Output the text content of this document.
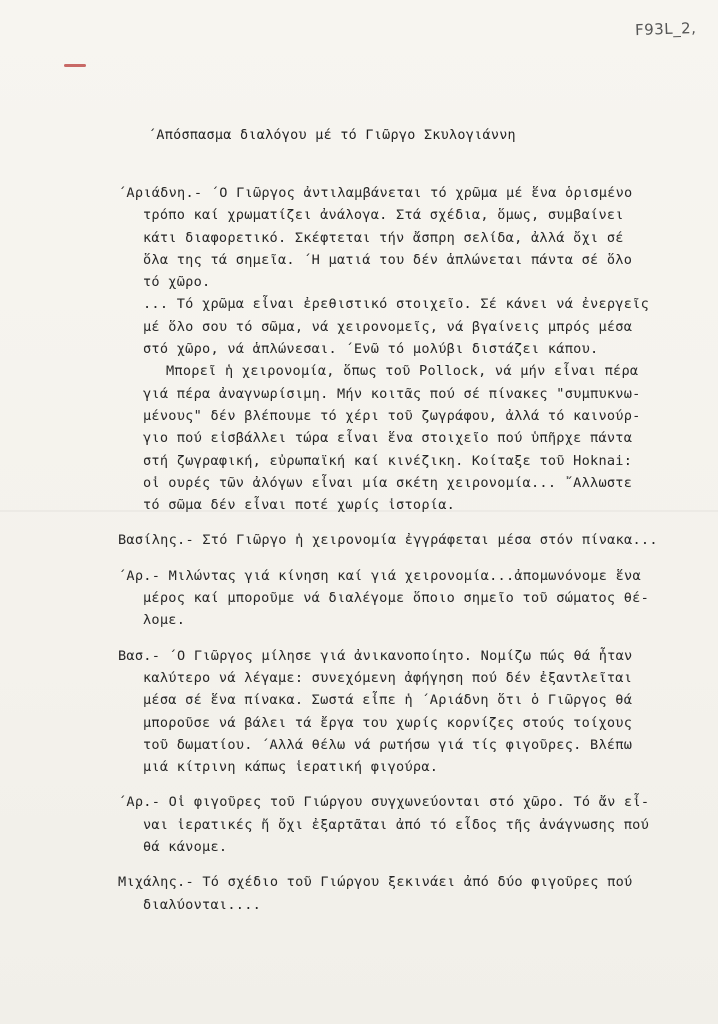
F93L_2,
΄Απόσπασμα διαλόγου μέ τό Γιῶργο Σκυλογιάννη
΄Αριάδνη.- ΄Ο Γιῶργος ἀντιλαμβάνεται τό χρῶμα μέ ἕνα ὁρισμένο
τρόπο καί χρωματίζει ἀνάλογα. Στά σχέδια, ὅμως, συμβαίνει
κάτι διαφορετικό. Σκέφτεται τήν ἄσπρη σελίδα, ἀλλά ὄχι σέ
ὅλα της τά σημεῖα. ΄Η ματιά του δέν ἁπλώνεται πάντα σέ ὅλο
τό χῶρο.
... Τό χρῶμα εἶναι ἐρεθιστικό στοιχεῖο. Σέ κάνει νά ἐνεργεῖς
μέ ὅλο σου τό σῶμα, νά χειρονομεῖς, νά βγαίνεις μπρός μέσα
στό χῶρο, νά ἁπλώνεσαι. ΄Ενῶ τό μολύβι διστάζει κάπου.
Μπορεῖ ἡ χειρονομία, ὅπως τοῦ Pollock, νά μήν εἶναι πέρα
γιά πέρα ἀναγνωρίσιμη. Μήν κοιτᾶς πού σέ πίνακες "συμπυκνω-
μένους" δέν βλέπουμε τό χέρι τοῦ ζωγράφου, ἀλλά τό καινούρ-
γιο πού εἰσβάλλει τώρα εἶναι ἕνα στοιχεῖο πού ὑπῆρχε πάντα
στή ζωγραφική, εὐρωπαϊκή καί κινέζικη. Κοίταξε τοῦ Hoknai:
οἱ ουρές τῶν ἀλόγων εἶναι μία σκέτη χειρονομία... ῎Αλλωστε
τό σῶμα δέν εἶναι ποτέ χωρίς ἱστορία.
Βασίλης.- Στό Γιῶργο ἡ χειρονομία ἐγγράφεται μέσα στόν πίνακα...
΄Αρ.- Μιλώντας γιά κίνηση καί γιά χειρονομία...ἀπομωνόνομε ἕνα
μέρος καί μποροῦμε νά διαλέγομε ὅποιο σημεῖο τοῦ σώματος θέ-
λομε.
Βασ.- ΄Ο Γιῶργος μίλησε γιά ἀνικανοποίητο. Νομίζω πώς θά ἦταν
καλύτερο νά λέγαμε: συνεχόμενη ἀφήγηση πού δέν ἐξαντλεῖται
μέσα σέ ἕνα πίνακα. Σωστά εἶπε ἡ ΄Αριάδνη ὅτι ὁ Γιῶργος θά
μποροῦσε νά βάλει τά ἔργα του χωρίς κορνίζες στούς τοίχους
τοῦ δωματίου. ΄Αλλά θέλω νά ρωτήσω γιά τίς φιγοῦρες. Βλέπω
μιά κίτρινη κάπως ἱερατική φιγούρα.
΄Αρ.- Οἱ φιγοῦρες τοῦ Γιώργου συγχωνεύονται στό χῶρο. Τό ἄν εἶ-
ναι ἱερατικές ἤ ὄχι ἐξαρτᾶται ἀπό τό εἶδος τῆς ἀνάγνωσης πού
θά κάνομε.
Μιχάλης.- Τό σχέδιο τοῦ Γιώργου ξεκινάει ἀπό δύο φιγοῦρες πού
διαλύονται....
